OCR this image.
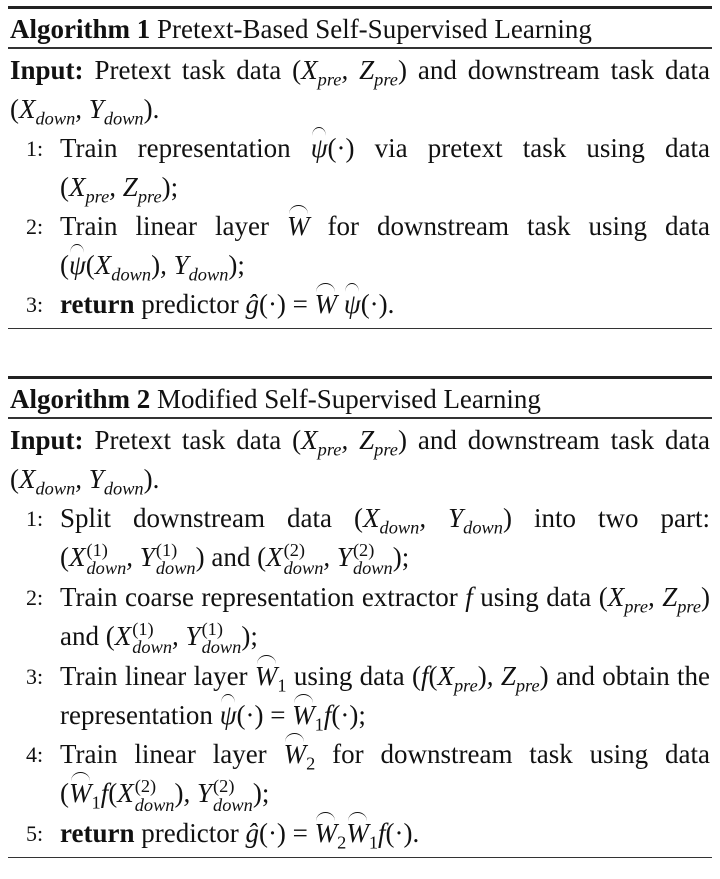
Algorithm 1 Pretext-Based Self-Supervised Learning
Input: Pretext task data ($X_{pre}$, $Z_{pre}$) and downstream task data ($X_{down}$, $Y_{down}$).
1: Train representation ψ(·) via pretext task using data ($X_{pre}$, $Z_{pre}$);
2: Train linear layer W for downstream task using data ($\psi(X_{down})$, $Y_{down}$);
3: return predictor ĝ(·) = W ψ(·).
Algorithm 2 Modified Self-Supervised Learning
Input: Pretext task data ($X_{pre}$, $Z_{pre}$) and downstream task data ($X_{down}$, $Y_{down}$).
1: Split downstream data ($X_{down}$, $Y_{down}$) into two part: (X (1)
down , Y (1)
down ) and (X (2)
down , Y (2)
down );
2: Train coarse representation extractor f using data ($X_{pre}$, $Z_{pre}$) and (X (1)
down , Y (1)
down );
3: Train linear layer $W_1$ using data ($f(X_{pre})$, $Z_{pre}$) and obtain the representation $\psi(\cdot) = W_1f(\cdot)$;
4: Train linear layer $W_2$ for downstream task using data ($W_1f(X$ (2)
down ), Y (2)
down );
5: return predictor ĝ(·) = $W_2W_1f(\cdot)$.
